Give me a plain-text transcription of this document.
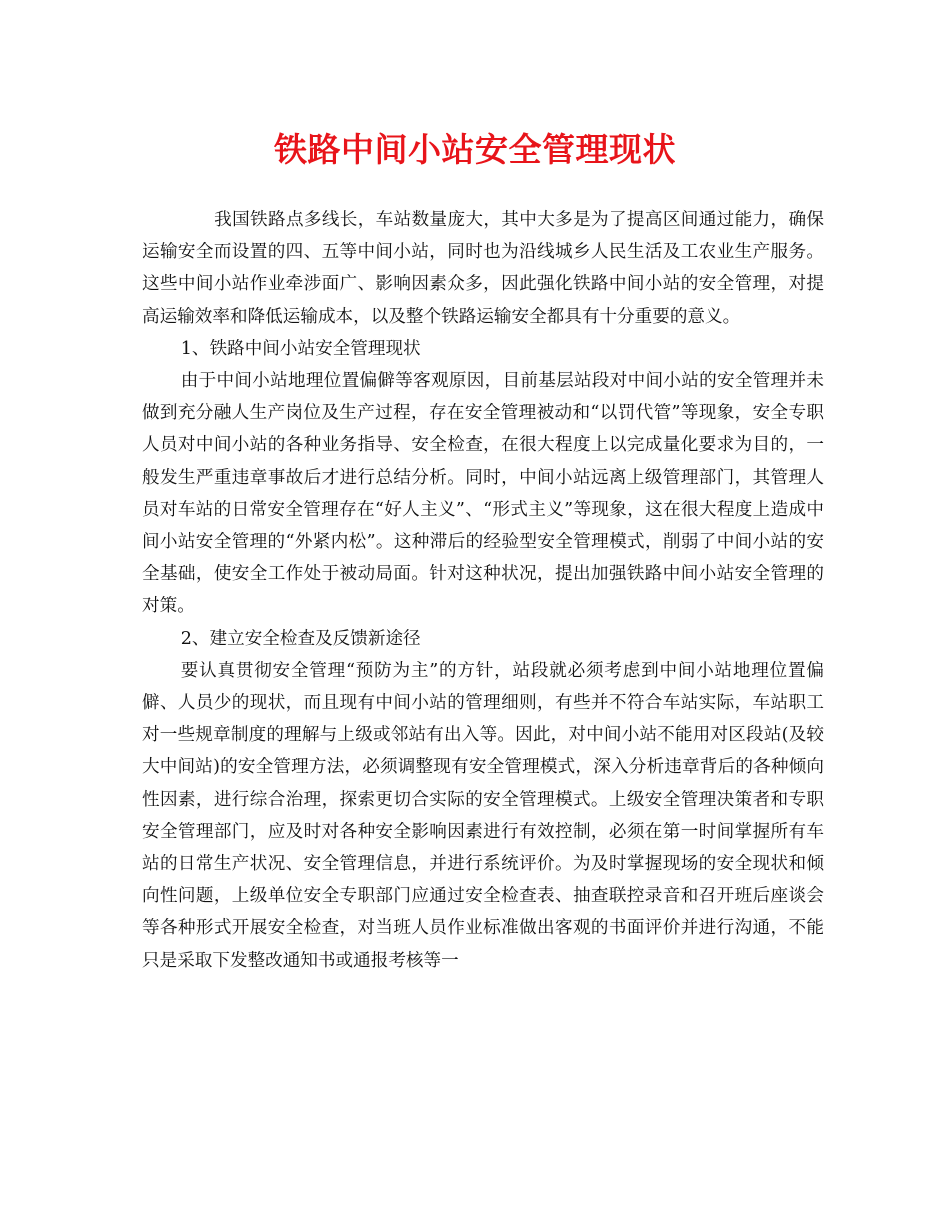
铁路中间小站安全管理现状

我国铁路点多线长，车站数量庞大，其中大多是为了提高区间通过能力，确保运输安全而设置的四、五等中间小站，同时也为沿线城乡人民生活及工农业生产服务。这些中间小站作业牵涉面广、影响因素众多，因此强化铁路中间小站的安全管理，对提高运输效率和降低运输成本，以及整个铁路运输安全都具有十分重要的意义。

1、铁路中间小站安全管理现状

由于中间小站地理位置偏僻等客观原因，目前基层站段对中间小站的安全管理并未做到充分融人生产岗位及生产过程，存在安全管理被动和“以罚代管”等现象，安全专职人员对中间小站的各种业务指导、安全检查，在很大程度上以完成量化要求为目的，一般发生严重违章事故后才进行总结分析。同时，中间小站远离上级管理部门，其管理人员对车站的日常安全管理存在“好人主义”、“形式主义”等现象，这在很大程度上造成中间小站安全管理的“外紧内松”。这种滞后的经验型安全管理模式，削弱了中间小站的安全基础，使安全工作处于被动局面。针对这种状况，提出加强铁路中间小站安全管理的对策。

2、建立安全检查及反馈新途径

要认真贯彻安全管理“预防为主”的方针，站段就必须考虑到中间小站地理位置偏僻、人员少的现状，而且现有中间小站的管理细则，有些并不符合车站实际，车站职工对一些规章制度的理解与上级或邻站有出入等。因此，对中间小站不能用对区段站(及较大中间站)的安全管理方法，必须调整现有安全管理模式，深入分析违章背后的各种倾向性因素，进行综合治理，探索更切合实际的安全管理模式。上级安全管理决策者和专职安全管理部门，应及时对各种安全影响因素进行有效控制，必须在第一时间掌握所有车站的日常生产状况、安全管理信息，并进行系统评价。为及时掌握现场的安全现状和倾向性问题，上级单位安全专职部门应通过安全检查表、抽查联控录音和召开班后座谈会等各种形式开展安全检查，对当班人员作业标准做出客观的书面评价并进行沟通，不能只是采取下发整改通知书或通报考核等一
